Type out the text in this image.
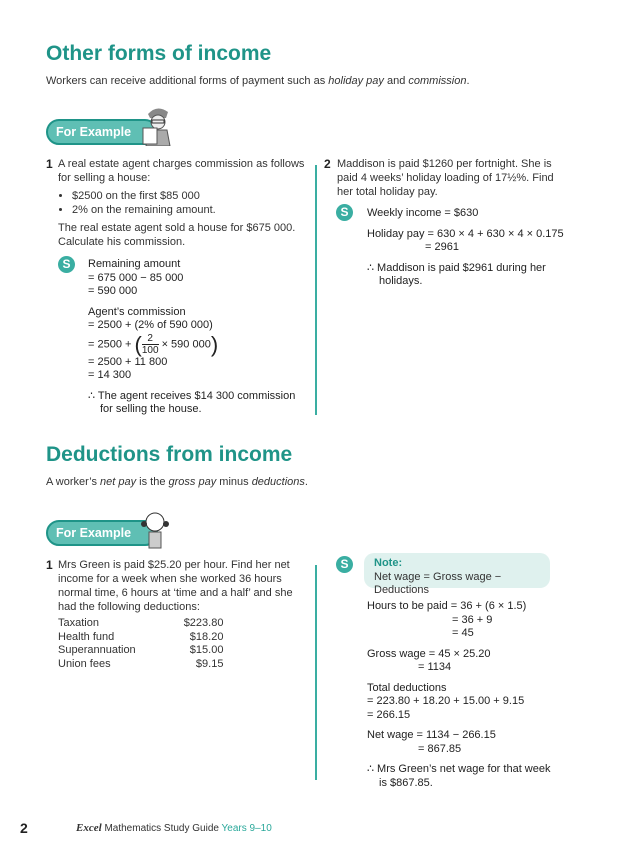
Other forms of income
Workers can receive additional forms of payment such as holiday pay and commission.
For Example
1 A real estate agent charges commission as follows for selling a house:
• $2500 on the first $85 000
• 2% on the remaining amount.
The real estate agent sold a house for $675 000. Calculate his commission.
S	Remaining amount
= 675 000 − 85 000
= 590 000
Agent’s commission
= 2500 + (2% of 590 000)
= 2500 + ( $\frac{2}{100} \times 590$ 000)
= 2500 + 11 800
= 14 300
∴ The agent receives $14 300 commission
for selling the house.
2 Maddison is paid $1260 per fortnight. She is paid 4 weeks’ holiday loading of 17½%. Find her total holiday pay.
S	Weekly income = $630
Holiday pay = 630 × 4 + 630 × 4 × 0.175
= 2961
∴ Maddison is paid $2961 during her
holidays.
Deductions from income
A worker’s net pay is the gross pay minus deductions.
For Example
1 Mrs Green is paid $25.20 per hour. Find her net income for a week when she worked 36 hours normal time, 6 hours at ‘time and a half’ and she had the following deductions:
Taxation	$223.80
Health fund	$18.20
Superannuation	$15.00
Union fees	$9.15
S	Note:
Net wage = Gross wage − Deductions
Hours to be paid = 36 + (6 × 1.5)
= 36 + 9
= 45
Gross wage = 45 × 25.20
= 1134
Total deductions
= 223.80 + 18.20 + 15.00 + 9.15
= 266.15
Net wage = 1134 − 266.15
= 867.85
∴ Mrs Green’s net wage for that week
is $867.85.
2	Excel Mathematics Study Guide Years 9–10
